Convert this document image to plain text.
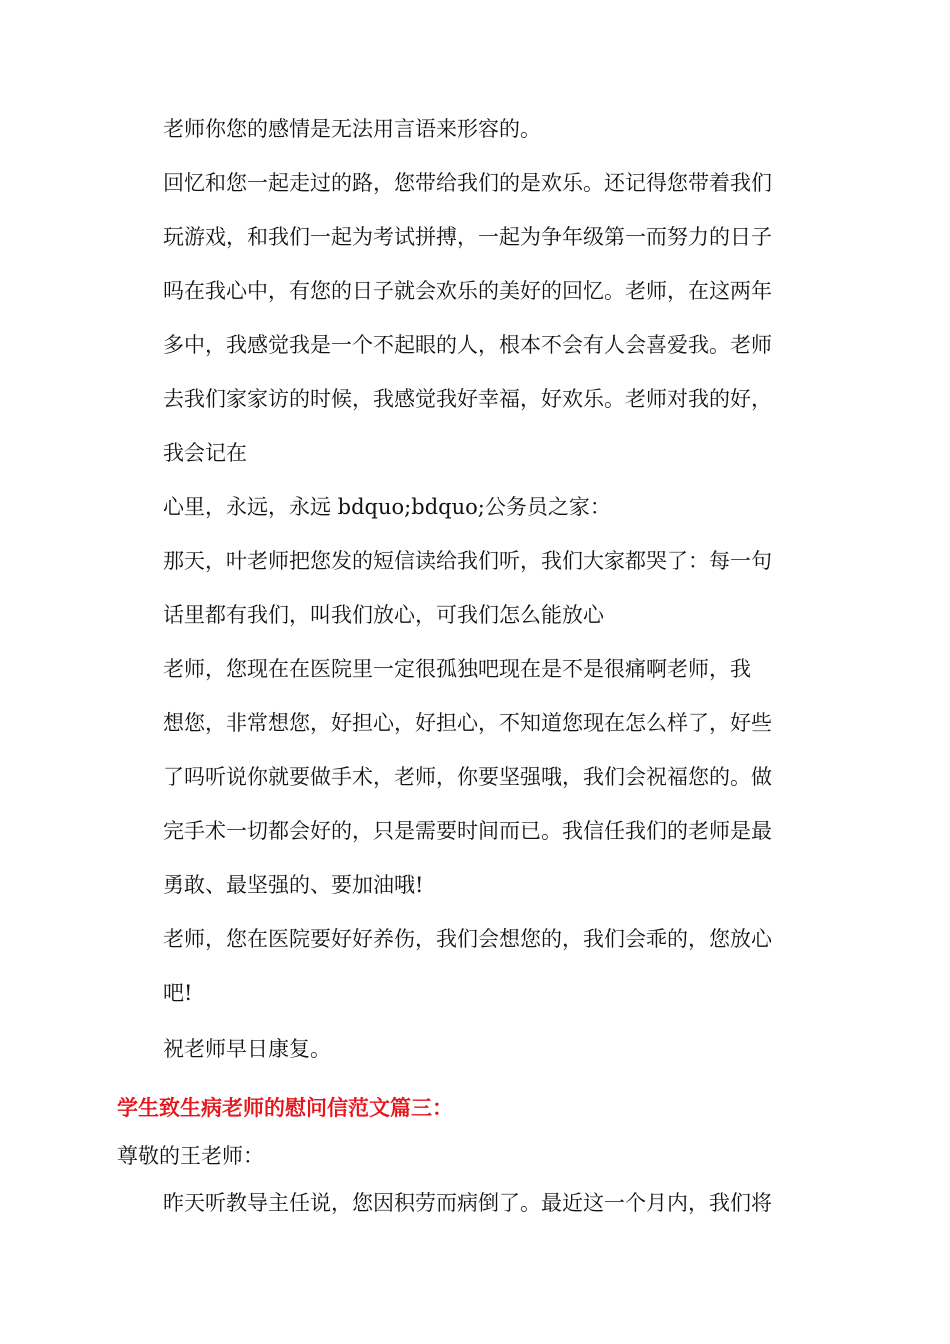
老师你您的感情是无法用言语来形容的。

回忆和您一起走过的路，您带给我们的是欢乐。还记得您带着我们
玩游戏，和我们一起为考试拼搏，一起为争年级第一而努力的日子
吗在我心中，有您的日子就会欢乐的美好的回忆。老师，在这两年
多中，我感觉我是一个不起眼的人，根本不会有人会喜爱我。老师
去我们家家访的时候，我感觉我好幸福，好欢乐。老师对我的好，
我会记在

心里，永远，永远 bdquo;bdquo;公务员之家：

那天，叶老师把您发的短信读给我们听，我们大家都哭了：每一句
话里都有我们，叫我们放心，可我们怎么能放心

老师，您现在在医院里一定很孤独吧现在是不是很痛啊老师，我
想您，非常想您，好担心，好担心，不知道您现在怎么样了，好些
了吗听说你就要做手术，老师，你要坚强哦，我们会祝福您的。做
完手术一切都会好的，只是需要时间而已。我信任我们的老师是最
勇敢、最坚强的、要加油哦!

老师，您在医院要好好养伤，我们会想您的，我们会乖的，您放心
吧!

祝老师早日康复。

学生致生病老师的慰问信范文篇三：

尊敬的王老师：

昨天听教导主任说，您因积劳而病倒了。最近这一个月内，我们将
